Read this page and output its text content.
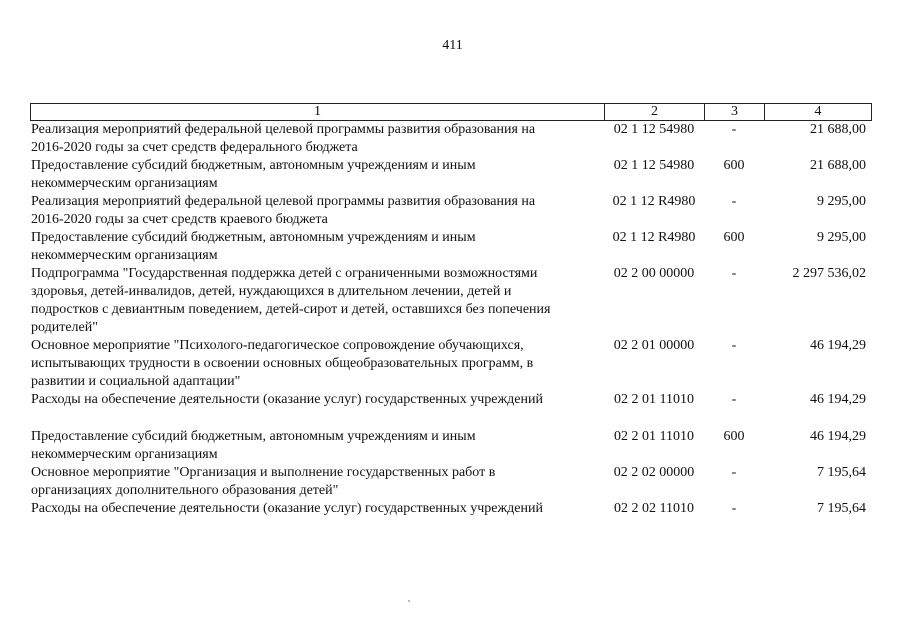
411
1	2	3	4
Реализация мероприятий федеральной целевой программы развития образования на
2016-2020 годы за счет средств федерального бюджета
02 1 12 54980	-	21 688,00
Предоставление субсидий бюджетным, автономным учреждениям и иным
некоммерческим организациям
02 1 12 54980	600	21 688,00
Реализация мероприятий федеральной целевой программы развития образования на
2016-2020 годы за счет средств краевого бюджета
02 1 12 R4980	-	9 295,00
Предоставление субсидий бюджетным, автономным учреждениям и иным
некоммерческим организациям
02 1 12 R4980	600	9 295,00
Подпрограмма "Государственная поддержка детей с ограниченными возможностями
здоровья, детей-инвалидов, детей, нуждающихся в длительном лечении, детей и
подростков с девиантным поведением, детей-сирот и детей, оставшихся без попечения
родителей"
02 2 00 00000	-	2 297 536,02
Основное мероприятие "Психолого-педагогическое сопровождение обучающихся,
испытывающих трудности в освоении основных общеобразовательных программ, в
развитии и социальной адаптации"
02 2 01 00000	-	46 194,29
Расходы на обеспечение деятельности (оказание услуг) государственных учреждений	02 2 01 11010	-	46 194,29
Предоставление субсидий бюджетным, автономным учреждениям и иным
некоммерческим организациям
02 2 01 11010	600	46 194,29
Основное мероприятие "Организация и выполнение государственных работ в
организациях дополнительного образования детей"
02 2 02 00000	-	7 195,64
Расходы на обеспечение деятельности (оказание услуг) государственных учреждений	02 2 02 11010	-	7 195,64
